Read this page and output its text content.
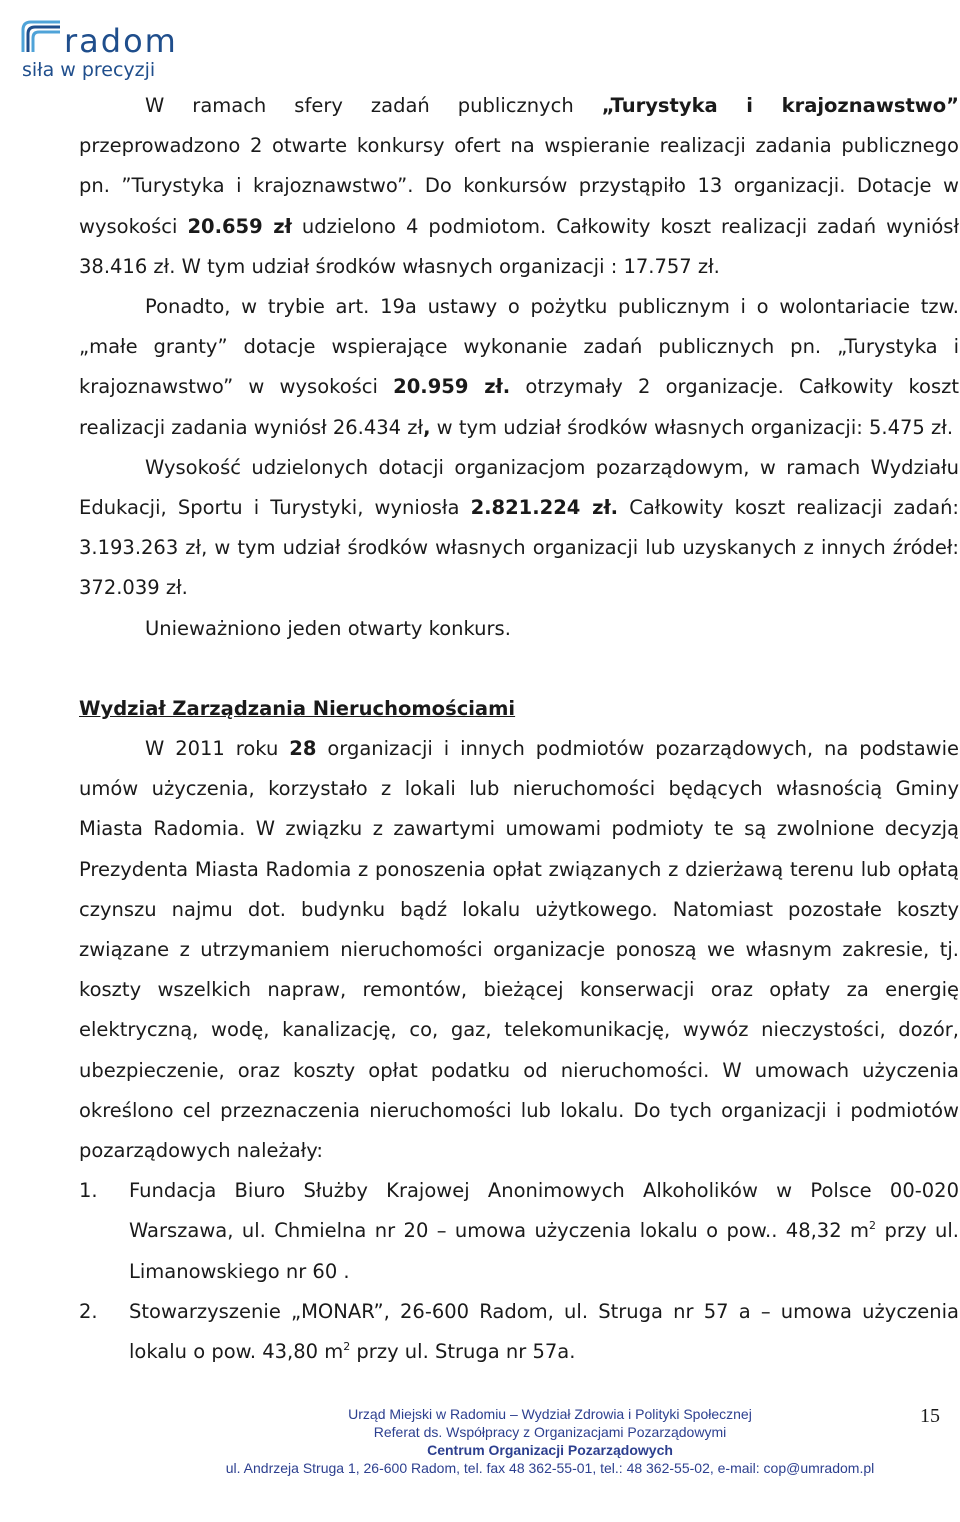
radom
siła w precyzji

W ramach sfery zadań publicznych „Turystyka i krajoznawstwo” przeprowadzono 2 otwarte konkursy ofert na wspieranie realizacji zadania publicznego pn. ”Turystyka i krajoznawstwo”. Do konkursów przystąpiło 13 organizacji. Dotacje w wysokości 20.659 zł udzielono 4 podmiotom. Całkowity koszt realizacji zadań wyniósł 38.416 zł. W tym udział środków własnych organizacji : 17.757 zł.

Ponadto, w trybie art. 19a ustawy o pożytku publicznym i o wolontariacie tzw. „małe granty” dotacje wspierające wykonanie zadań publicznych pn. „Turystyka i krajoznawstwo” w wysokości 20.959 zł. otrzymały 2 organizacje. Całkowity koszt realizacji zadania wyniósł 26.434 zł, w tym udział środków własnych organizacji: 5.475 zł.

Wysokość udzielonych dotacji organizacjom pozarządowym, w ramach Wydziału Edukacji, Sportu i Turystyki, wyniosła 2.821.224 zł. Całkowity koszt realizacji zadań: 3.193.263 zł, w tym udział środków własnych organizacji lub uzyskanych z innych źródeł: 372.039 zł.

Unieważniono jeden otwarty konkurs.

Wydział Zarządzania Nieruchomościami

W 2011 roku 28 organizacji i innych podmiotów pozarządowych, na podstawie umów użyczenia, korzystało z lokali lub nieruchomości będących własnością Gminy Miasta Radomia. W związku z zawartymi umowami podmioty te są zwolnione decyzją Prezydenta Miasta Radomia z ponoszenia opłat związanych z dzierżawą terenu lub opłatą czynszu najmu dot. budynku bądź lokalu użytkowego. Natomiast pozostałe koszty związane z utrzymaniem nieruchomości organizacje ponoszą we własnym zakresie, tj. koszty wszelkich napraw, remontów, bieżącej konserwacji oraz opłaty za energię elektryczną, wodę, kanalizację, co, gaz, telekomunikację, wywóz nieczystości, dozór, ubezpieczenie, oraz koszty opłat podatku od nieruchomości. W umowach użyczenia określono cel przeznaczenia nieruchomości lub lokalu. Do tych organizacji i podmiotów pozarządowych należały:

1. Fundacja Biuro Służby Krajowej Anonimowych Alkoholików w Polsce 00-020 Warszawa, ul. Chmielna nr 20 – umowa użyczenia lokalu o pow.. 48,32 $m^2$ przy ul. Limanowskiego nr 60 .
2. Stowarzyszenie „MONAR”, 26-600 Radom, ul. Struga nr 57 a – umowa użyczenia lokalu o pow. 43,80 $m^2$ przy ul. Struga nr 57a.
Urząd Miejski w Radomiu – Wydział Zdrowia i Polityki Społecznej
Referat ds. Współpracy z Organizacjami Pozarządowymi
Centrum Organizacji Pozarządowych
ul. Andrzeja Struga 1, 26-600 Radom, tel. fax 48 362-55-01, tel.: 48 362-55-02, e-mail: cop@umradom.pl
15
